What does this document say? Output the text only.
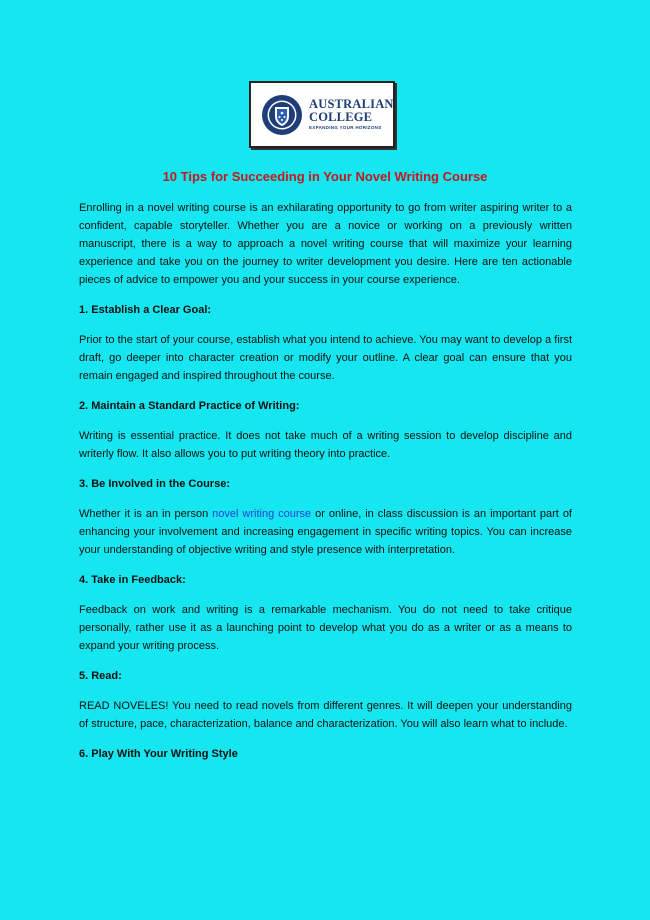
AUSTRALIAN
COLLEGE
EXPANDING YOUR HORIZONS
10 Tips for Succeeding in Your Novel Writing Course

Enrolling in a novel writing course is an exhilarating opportunity to go from writer aspiring writer to a confident, capable storyteller. Whether you are a novice or working on a previously written manuscript, there is a way to approach a novel writing course that will maximize your learning experience and take you on the journey to writer development you desire. Here are ten actionable pieces of advice to empower you and your success in your course experience.

1. Establish a Clear Goal:

Prior to the start of your course, establish what you intend to achieve. You may want to develop a first draft, go deeper into character creation or modify your outline. A clear goal can ensure that you remain engaged and inspired throughout the course.

2. Maintain a Standard Practice of Writing:

Writing is essential practice. It does not take much of a writing session to develop discipline and writerly flow. It also allows you to put writing theory into practice.

3. Be Involved in the Course:

Whether it is an in person novel writing course or online, in class discussion is an important part of enhancing your involvement and increasing engagement in specific writing topics. You can increase your understanding of objective writing and style presence with interpretation.

4. Take in Feedback:

Feedback on work and writing is a remarkable mechanism. You do not need to take critique personally, rather use it as a launching point to develop what you do as a writer or as a means to expand your writing process.

5. Read:

READ NOVELES! You need to read novels from different genres. It will deepen your understanding of structure, pace, characterization, balance and characterization. You will also learn what to include.

6. Play With Your Writing Style
